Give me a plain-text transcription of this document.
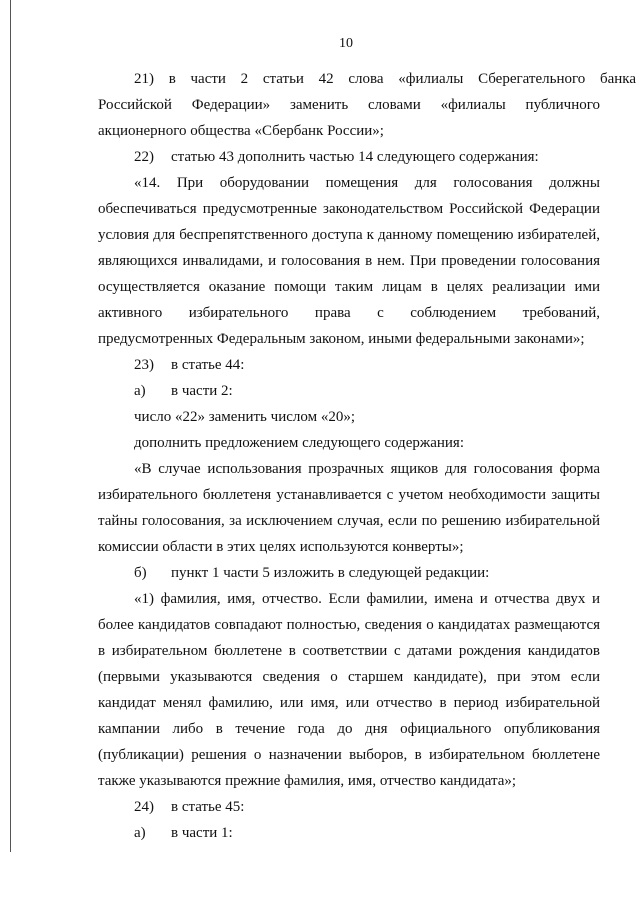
10
21) в части 2 статьи 42 слова «филиалы Сберегательного банка
Российской Федерации» заменить словами «филиалы публичного
акционерного общества «Сбербанк России»;
22) статью 43 дополнить частью 14 следующего содержания:
«14. При оборудовании помещения для голосования должны
обеспечиваться предусмотренные законодательством Российской Федерации
условия для беспрепятственного доступа к данному помещению избирателей,
являющихся инвалидами, и голосования в нем. При проведении голосования
осуществляется оказание помощи таким лицам в целях реализации ими
активного избирательного права с соблюдением требований,
предусмотренных Федеральным законом, иными федеральными законами»;
23) в статье 44:
а) в части 2:
число «22» заменить числом «20»;
дополнить предложением следующего содержания:
«В случае использования прозрачных ящиков для голосования форма
избирательного бюллетеня устанавливается с учетом необходимости защиты
тайны голосования, за исключением случая, если по решению избирательной
комиссии области в этих целях используются конверты»;
б) пункт 1 части 5 изложить в следующей редакции:
«1) фамилия, имя, отчество. Если фамилии, имена и отчества двух и
более кандидатов совпадают полностью, сведения о кандидатах размещаются
в избирательном бюллетене в соответствии с датами рождения кандидатов
(первыми указываются сведения о старшем кандидате), при этом если
кандидат менял фамилию, или имя, или отчество в период избирательной
кампании либо в течение года до дня официального опубликования
(публикации) решения о назначении выборов, в избирательном бюллетене
также указываются прежние фамилия, имя, отчество кандидата»;
24) в статье 45:
а) в части 1:
